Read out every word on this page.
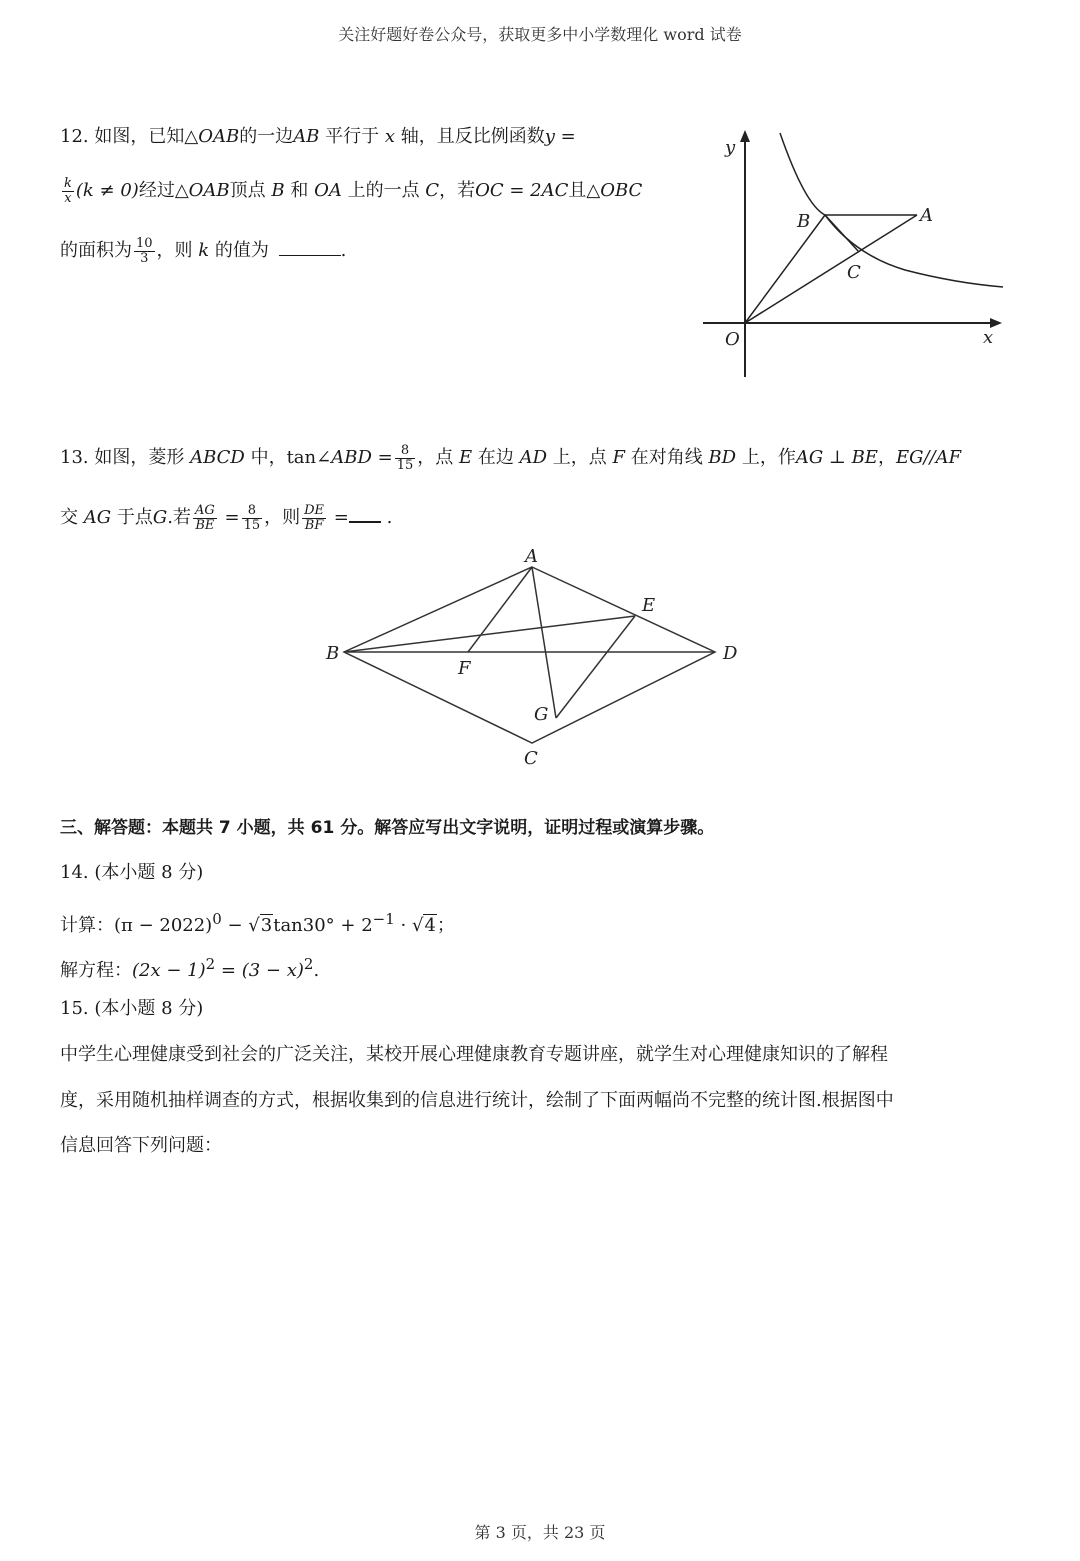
关注好题好卷公众号，获取更多中小学数理化 word 试卷
12. 如图，已知△OAB的一边AB 平行于 x 轴，且反比例函数y =
$\frac{k}{x} (k \ne 0)$经过△OAB顶点 B 和 OA 上的一点 C，若OC = 2AC且△OBC
的面积为 $\frac{10}{3}$ ，则 k 的值为	.
y
x
O
A
B
C
13. 如图，菱形 ABCD 中，tan∠ABD = $\frac{8}{15}$ ，点 E 在边 AD 上，点 F 在对角线 BD 上，作AG ⊥ BE，EG//AF
交 AG 于点G.若 $\frac{AG}{BE} = \frac{8}{15}$ ，则 $\frac{DE}{BF}$ = .
A
B
C
D
E
F
G
三、解答题：本题共 7 小题，共 61 分。解答应写出文字说明，证明过程或演算步骤。
14. (本小题 8 分)
计算：$(\pi - 2022)^0 - √3\tan 30^\circ + 2^{-1} \cdot √4$；
解方程：$(2x - 1)^2 = (3 - x)^2$.
15. (本小题 8 分)
中学生心理健康受到社会的广泛关注，某校开展心理健康教育专题讲座，就学生对心理健康知识的了解程
度，采用随机抽样调查的方式，根据收集到的信息进行统计，绘制了下面两幅尚不完整的统计图.根据图中
信息回答下列问题：
第 3 页，共 23 页
